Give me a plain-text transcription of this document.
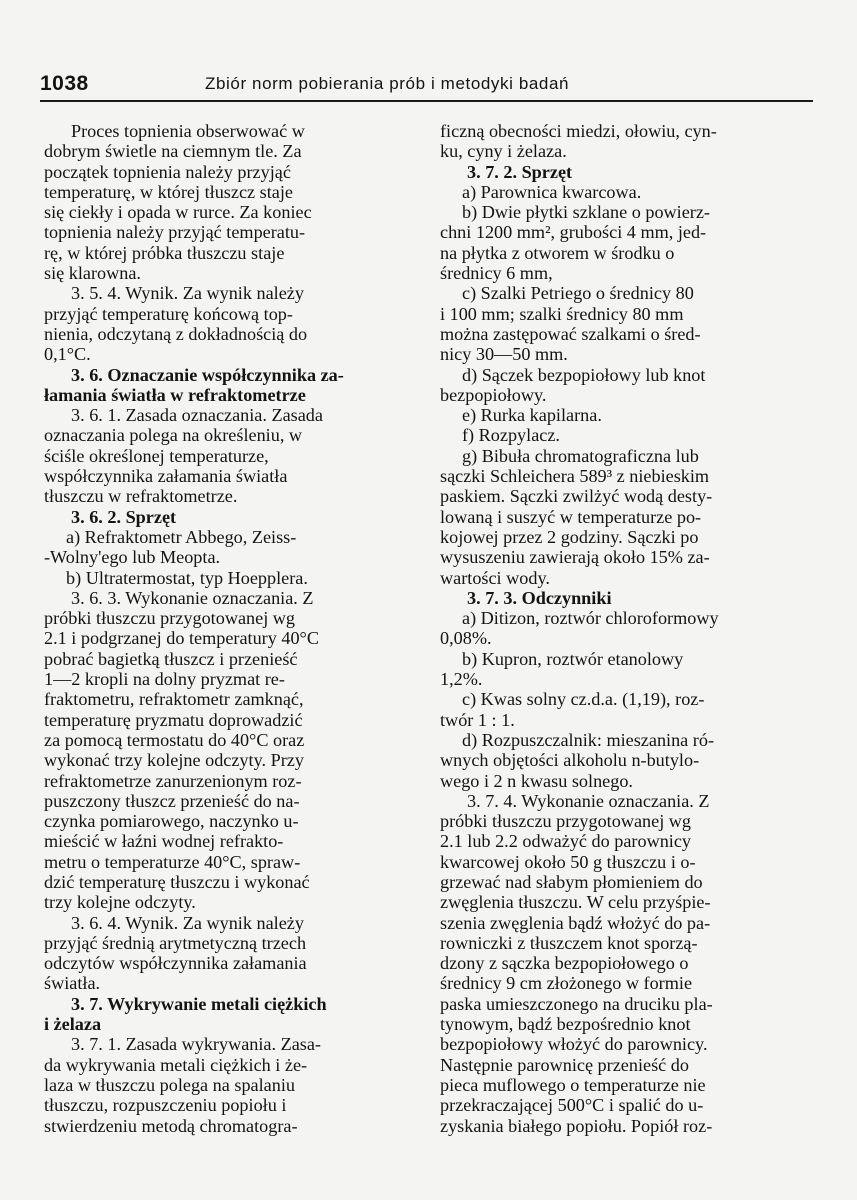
1038	Zbiór norm pobierania prób i metodyki badań

Proces topnienia obserwować w
dobrym świetle na ciemnym tle. Za
początek topnienia należy przyjąć
temperaturę, w której tłuszcz staje
się ciekły i opada w rurce. Za koniec
topnienia należy przyjąć temperatu-
rę, w której próbka tłuszczu staje
się klarowna.

3. 5. 4. Wynik. Za wynik należy
przyjąć temperaturę końcową top-
nienia, odczytaną z dokładnością do
0,1°C.

3. 6. Oznaczanie współczynnika za-
łamania światła w refraktometrze

3. 6. 1. Zasada oznaczania. Zasada
oznaczania polega na określeniu, w
ściśle określonej temperaturze,
współczynnika załamania światła
tłuszczu w refraktometrze.

3. 6. 2. Sprzęt

a) Refraktometr Abbego, Zeiss-
-Wolny'ego lub Meopta.
b) Ultratermostat, typ Hoepplera.

3. 6. 3. Wykonanie oznaczania. Z
próbki tłuszczu przygotowanej wg
2.1 i podgrzanej do temperatury 40°C
pobrać bagietką tłuszcz i przenieść
1—2 kropli na dolny pryzmat re-
fraktometru, refraktometr zamknąć,
temperaturę pryzmatu doprowadzić
za pomocą termostatu do 40°C oraz
wykonać trzy kolejne odczyty. Przy
refraktometrze zanurzenionym roz-
puszczony tłuszcz przenieść do na-
czynka pomiarowego, naczynko u-
mieścić w łaźni wodnej refrakto-
metru o temperaturze 40°C, spraw-
dzić temperaturę tłuszczu i wykonać
trzy kolejne odczyty.

3. 6. 4. Wynik. Za wynik należy
przyjąć średnią arytmetyczną trzech
odczytów współczynnika załamania
światła.

3. 7. Wykrywanie metali ciężkich
i żelaza

3. 7. 1. Zasada wykrywania. Zasa-
da wykrywania metali ciężkich i że-
laza w tłuszczu polega na spalaniu
tłuszczu, rozpuszczeniu popiołu i
stwierdzeniu metodą chromatogra-

ficzną obecności miedzi, ołowiu, cyn-
ku, cyny i żelaza.

3. 7. 2. Sprzęt

a) Parownica kwarcowa.
b) Dwie płytki szklane o powierz-
chni 1200 mm², grubości 4 mm, jed-
na płytka z otworem w środku o
średnicy 6 mm,
c) Szalki Petriego o średnicy 80
i 100 mm; szalki średnicy 80 mm
można zastępować szalkami o śred-
nicy 30—50 mm.
d) Sączek bezpopiołowy lub knot
bezpopiołowy.
e) Rurka kapilarna.
f) Rozpylacz.
g) Bibuła chromatograficzna lub
sączki Schleichera 589³ z niebieskim
paskiem. Sączki zwilżyć wodą desty-
lowaną i suszyć w temperaturze po-
kojowej przez 2 godziny. Sączki po
wysuszeniu zawierają około 15% za-
wartości wody.

3. 7. 3. Odczynniki

a) Ditizon, roztwór chloroformowy
0,08%.
b) Kupron, roztwór etanolowy
1,2%.
c) Kwas solny cz.d.a. (1,19), roz-
twór 1 : 1.
d) Rozpuszczalnik: mieszanina ró-
wnych objętości alkoholu n-butylo-
wego i 2 n kwasu solnego.

3. 7. 4. Wykonanie oznaczania. Z
próbki tłuszczu przygotowanej wg
2.1 lub 2.2 odważyć do parownicy
kwarcowej około 50 g tłuszczu i o-
grzewać nad słabym płomieniem do
zwęglenia tłuszczu. W celu przyśpie-
szenia zwęglenia bądź włożyć do pa-
rowniczki z tłuszczem knot sporzą-
dzony z sączka bezpopiołowego o
średnicy 9 cm złożonego w formie
paska umieszczonego na druciku pla-
tynowym, bądź bezpośrednio knot
bezpopiołowy włożyć do parownicy.
Następnie parownicę przenieść do
pieca muflowego o temperaturze nie
przekraczającej 500°C i spalić do u-
zyskania białego popiołu. Popiół roz-
